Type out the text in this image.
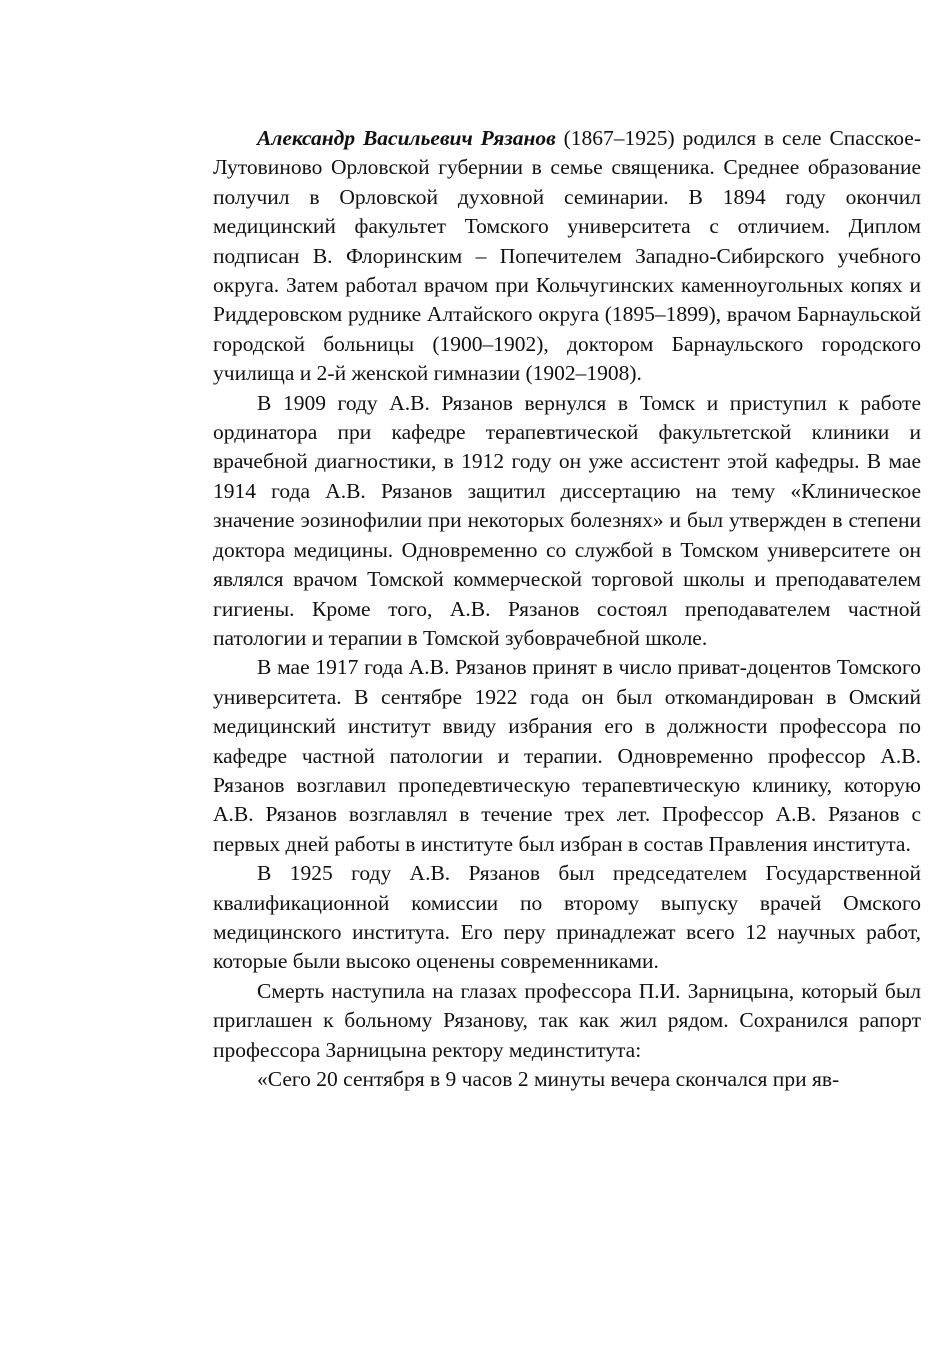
Александр Васильевич Рязанов (1867–1925) родился в селе Спасское-Лутовиново Орловской губернии в семье священика. Среднее образование получил в Орловской духовной семинарии. В 1894 году окончил медицинский факультет Томского университета с отличием. Диплом подписан В. Флоринским – Попечителем Западно-Сибирского учебного округа. Затем работал врачом при Кольчугинских каменноугольных копях и Риддеровском руднике Алтайского округа (1895–1899), врачом Барнаульской городской больницы (1900–1902), доктором Барнаульского городского училища и 2-й женской гимназии (1902–1908).

В 1909 году А.В. Рязанов вернулся в Томск и приступил к работе ординатора при кафедре терапевтической факультетской клиники и врачебной диагностики, в 1912 году он уже ассистент этой кафедры. В мае 1914 года А.В. Рязанов защитил диссертацию на тему «Клиническое значение эозинофилии при некоторых болезнях» и был утвержден в степени доктора медицины. Одновременно со службой в Томском университете он являлся врачом Томской коммерческой торговой школы и преподавателем гигиены. Кроме того, А.В. Рязанов состоял преподавателем частной патологии и терапии в Томской зубоврачебной школе.

В мае 1917 года А.В. Рязанов принят в число приват-доцентов Томского университета. В сентябре 1922 года он был откомандирован в Омский медицинский институт ввиду избрания его в должности профессора по кафедре частной патологии и терапии. Одновременно профессор А.В. Рязанов возглавил пропедевтическую терапевтическую клинику, которую А.В. Рязанов возглавлял в течение трех лет. Профессор А.В. Рязанов с первых дней работы в институте был избран в состав Правления института.

В 1925 году А.В. Рязанов был председателем Государственной квалификационной комиссии по второму выпуску врачей Омского медицинского института. Его перу принадлежат всего 12 научных работ, которые были высоко оценены современниками.

Смерть наступила на глазах профессора П.И. Зарницына, который был приглашен к больному Рязанову, так как жил рядом. Сохранился рапорт профессора Зарницына ректору мединститута:

«Сего 20 сентября в 9 часов 2 минуты вечера скончался при яв-
